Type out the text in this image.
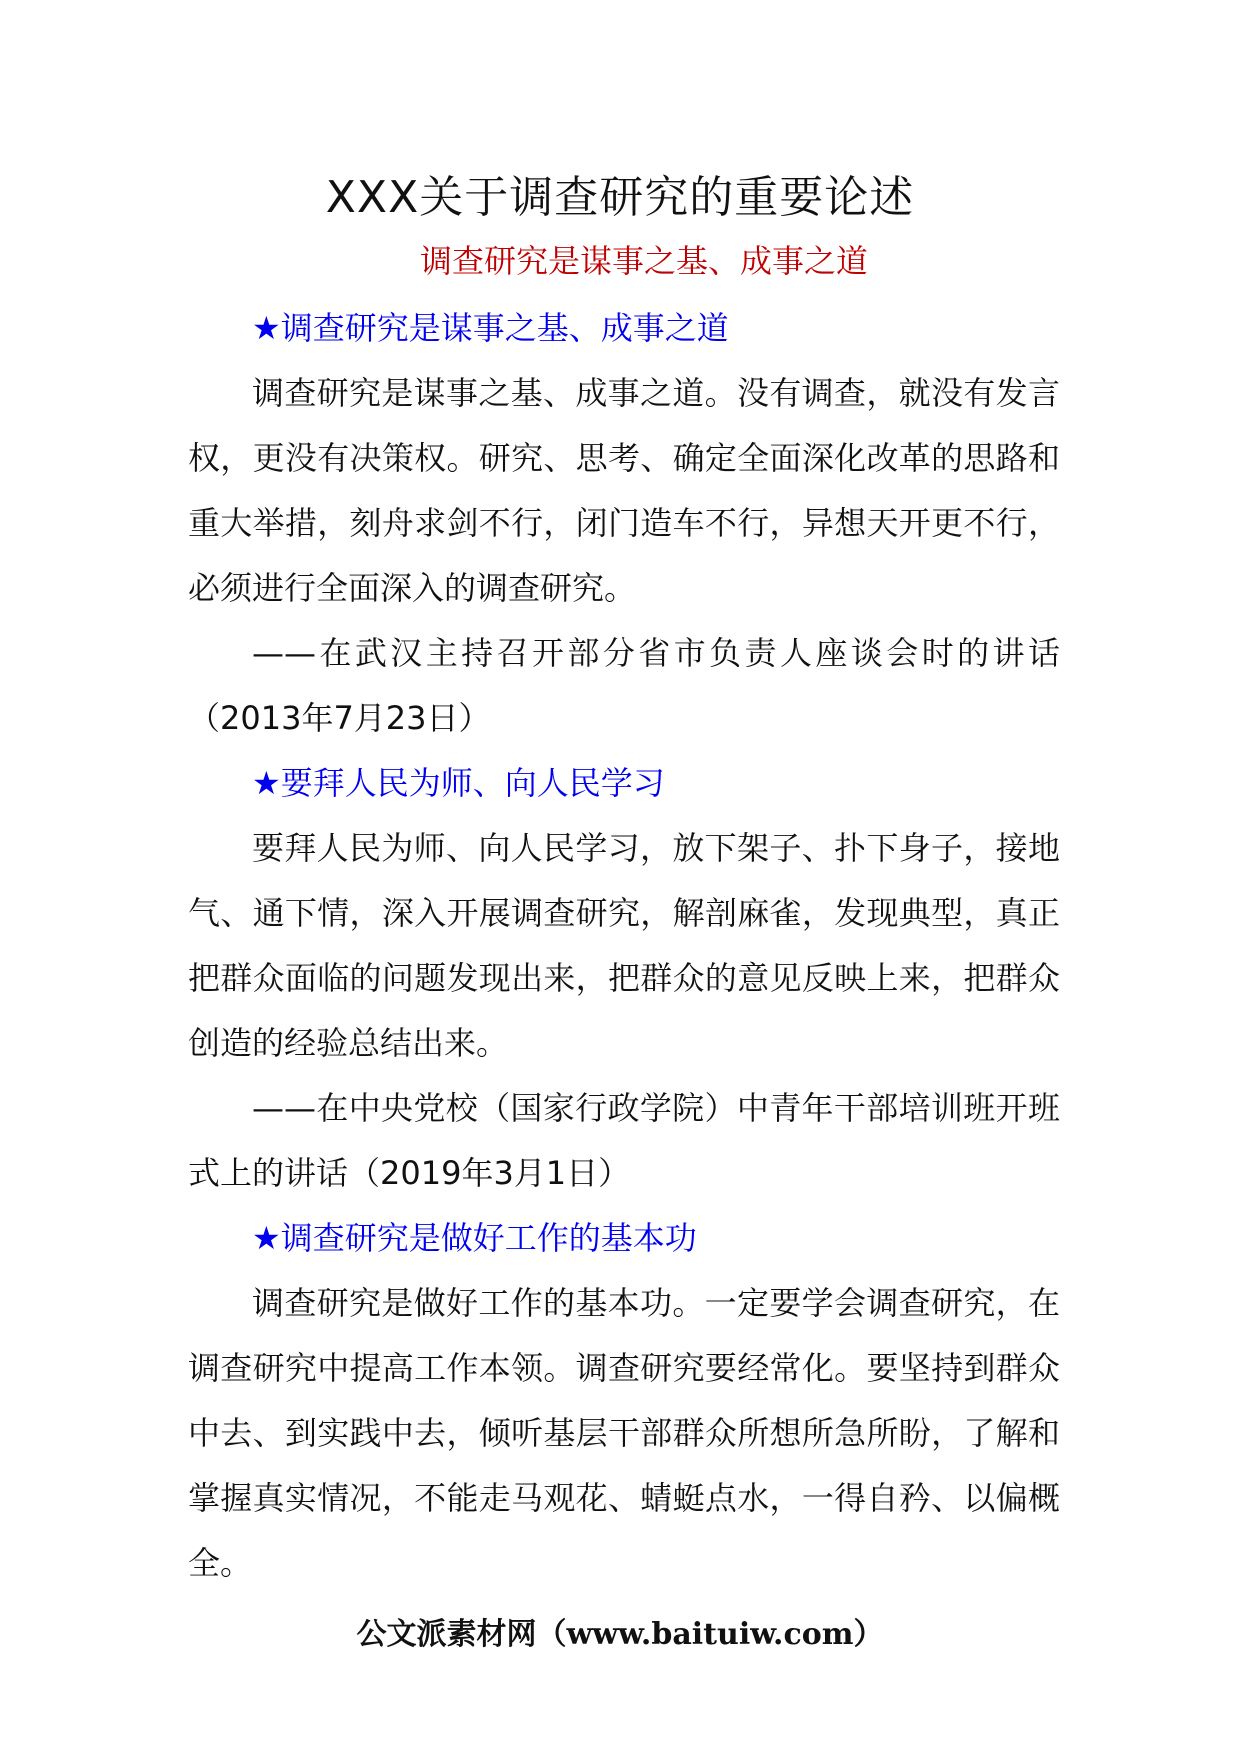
XXX关于调查研究的重要论述
调查研究是谋事之基、成事之道

★调查研究是谋事之基、成事之道

调查研究是谋事之基、成事之道。没有调查，就没有发言权，更没有决策权。研究、思考、确定全面深化改革的思路和重大举措，刻舟求剑不行，闭门造车不行，异想天开更不行，必须进行全面深入的调查研究。

——在武汉主持召开部分省市负责人座谈会时的讲话（2013年7月23日）

★要拜人民为师、向人民学习

要拜人民为师、向人民学习，放下架子、扑下身子，接地气、通下情，深入开展调查研究，解剖麻雀，发现典型，真正把群众面临的问题发现出来，把群众的意见反映上来，把群众创造的经验总结出来。

——在中央党校（国家行政学院）中青年干部培训班开班式上的讲话（2019年3月1日）

★调查研究是做好工作的基本功

调查研究是做好工作的基本功。一定要学会调查研究，在调查研究中提高工作本领。调查研究要经常化。要坚持到群众中去、到实践中去，倾听基层干部群众所想所急所盼，了解和掌握真实情况，不能走马观花、蜻蜓点水，一得自矜、以偏概全。

公文派素材网（www.baituiw.com）
